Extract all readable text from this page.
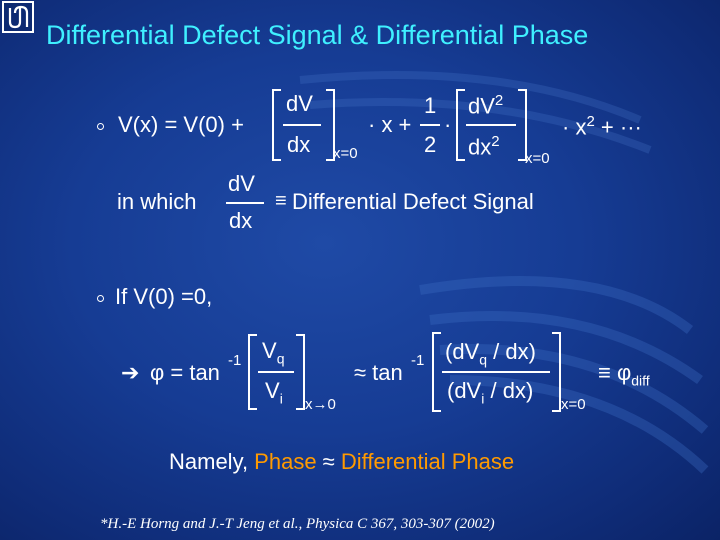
Differential Defect Signal & Differential Phase
V(x) = V(0) +
dV
dx x=0
· x +
1
2
·
$dV^2$
$dx^2$
x=0
· $x^2$ + ···
in which
dV
dx
≡ Differential Defect Signal
If V(0) =0,
➔ φ = tan -1 $V_q$
$V_i$ x→0
≈ tan -1 $(dV_q / dx)$
$(dV_i / dx)$
x=0
≡ $\varphi_{diff}$
Namely, Phase ≈ Differential Phase
*H.-E Horng and J.-T Jeng et al., Physica C 367, 303-307 (2002)
